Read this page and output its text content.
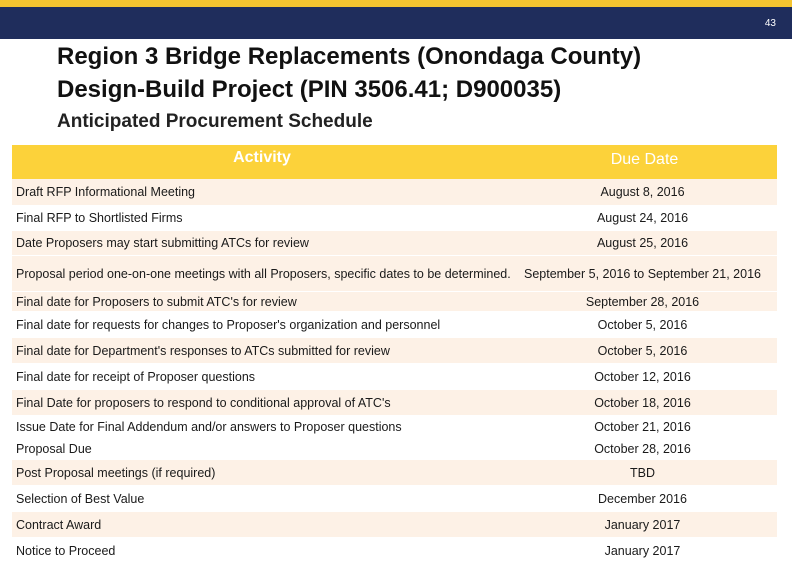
43
Region 3 Bridge Replacements (Onondaga County)
Design-Build Project (PIN 3506.41; D900035)
Anticipated Procurement Schedule
Activity	Due Date
Draft RFP Informational Meeting	August 8, 2016
Final RFP to Shortlisted Firms	August 24, 2016
Date Proposers may start submitting ATCs for review	August 25, 2016
Proposal period one-on-one meetings with all Proposers, specific dates to be determined.	September 5, 2016 to September 21, 2016
Final date for Proposers to submit ATC's for review	September 28, 2016
Final date for requests for changes to Proposer's organization and personnel	October 5, 2016
Final date for Department's responses to ATCs submitted for review	October 5, 2016
Final date for receipt of Proposer questions	October 12, 2016
Final Date for proposers to respond to conditional approval of ATC's	October 18, 2016
Issue Date for Final Addendum and/or answers to Proposer questions	October 21, 2016
Proposal Due	October 28, 2016
Post Proposal meetings (if required)	TBD
Selection of Best Value	December 2016
Contract Award	January 2017
Notice to Proceed	January 2017
